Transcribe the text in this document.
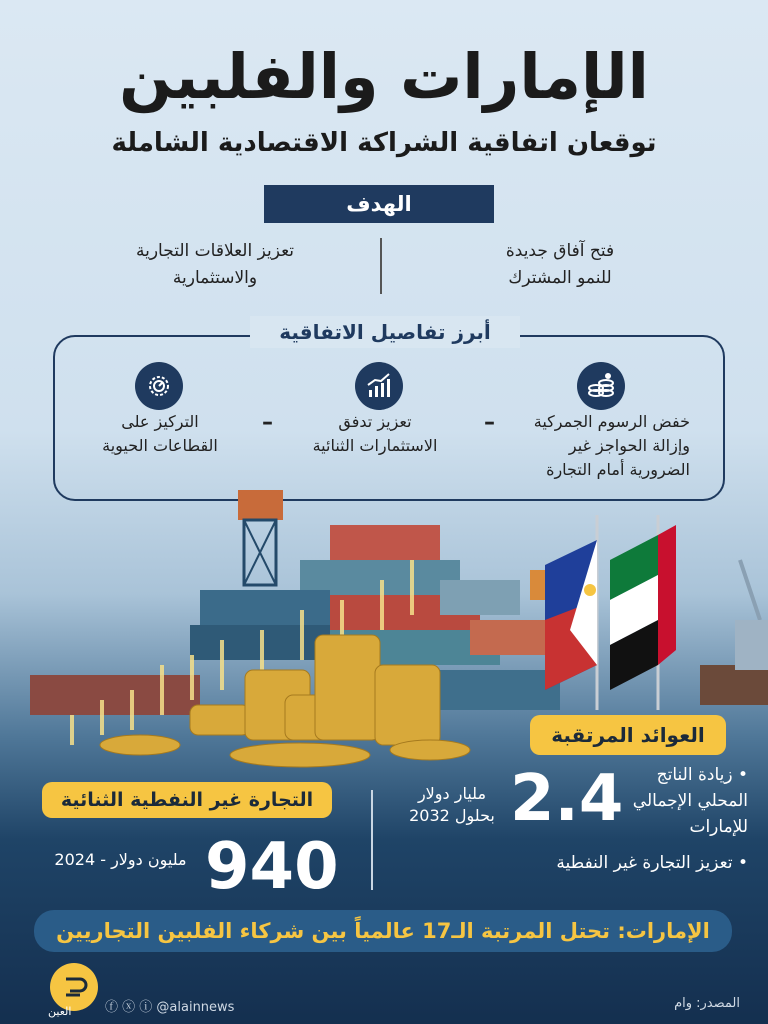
الإمارات والفلبين
توقعان اتفاقية الشراكة الاقتصادية الشاملة
الهدف
فتح آفاق جديدة
للنمو المشترك
تعزيز العلاقات التجارية
والاستثمارية
أبرز تفاصيل الاتفاقية
خفض الرسوم الجمركية
وإزالة الحواجز غير
الضرورية أمام التجارة
–
تعزيز تدفق
الاستثمارات الثنائية
–
التركيز على
القطاعات الحيوية
العوائد المرتقبة
• زيادة الناتج
المحلي الإجمالي
للإمارات
2.4
مليار دولار
بحلول 2032
• تعزيز التجارة غير النفطية
التجارة غير النفطية الثنائية
940
مليون دولار - 2024
الإمارات: تحتل المرتبة الـ17 عالمياً بين شركاء الفلبين التجاريين
العين	ⓕ ⓧ ⓘ @alainnews	المصدر: وام
